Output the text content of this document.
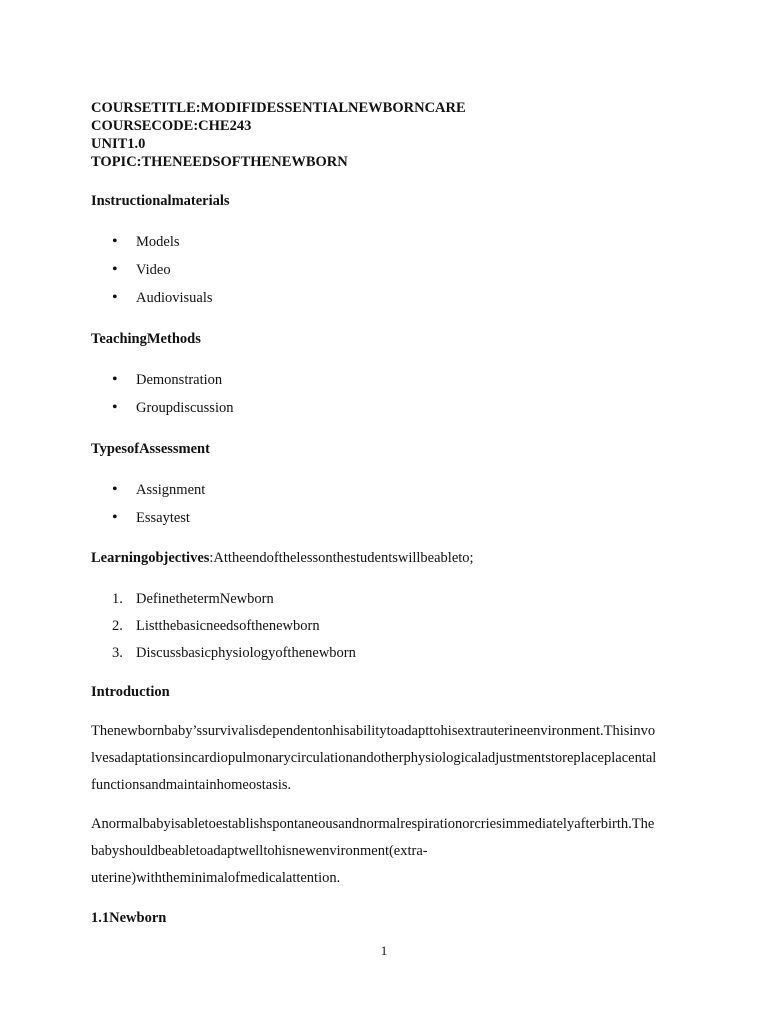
COURSETITLE:MODIFIDESSENTIALNEWBORNCARE
COURSECODE:CHE243
UNIT1.0
TOPIC:THENEEDSOFTHENEWBORN
Instructionalmaterials
• Models
• Video
• Audiovisuals
TeachingMethods
• Demonstration
• Groupdiscussion
TypesofAssessment
• Assignment
• Essaytest
Learningobjectives:Attheendofthelessonthestudentswillbeableto;
1. DefinethetermNewborn
2. Listthebasicneedsofthenewborn
3. Discussbasicphysiologyofthenewborn
Introduction
Thenewbornbaby’ssurvivalisdependentonhisabilitytoadapttohisextrauterineenvironment.Thisinvo
lvesadaptationsincardiopulmonarycirculationandotherphysiologicaladjustmentstoreplaceplacental
functionsandmaintainhomeostasis.
Anormalbabyisabletoestablishspontaneousandnormalrespirationorcriesimmediatelyafterbirth.The
babyshouldbeabletoadaptwelltohisnewenvironment(extra-
uterine)withtheminimalofmedicalattention.
1.1Newborn
1
